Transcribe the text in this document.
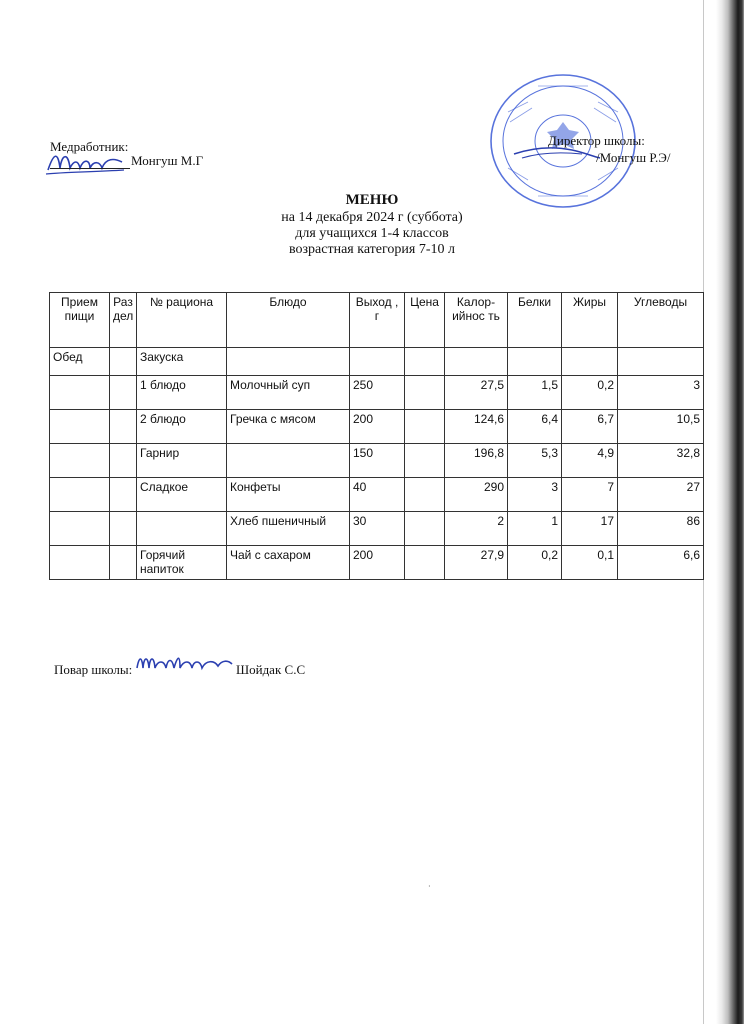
Медработник:
Монгуш М.Г
Директор школы:
/Монгуш Р.Э/
МЕНЮ
на 14 декабря 2024 г (суббота)
для учащихся 1-4 классов
возрастная категория 7-10 л
Прием пищи	Раз дел	№ рациона	Блюдо	Выход , г	Цена	Калор- ийнос ть	Белки	Жиры	Углеводы
Обед		Закуска							
		1 блюдо	Молочный суп	250		27,5	1,5	0,2	3
		2 блюдо	Гречка с мясом	200		124,6	6,4	6,7	10,5
		Гарнир		150		196,8	5,3	4,9	32,8
		Сладкое	Конфеты	40		290	3	7	27
			Хлеб пшеничный	30		2	1	17	86
		Горячий напиток	Чай с сахаром	200		27,9	0,2	0,1	6,6
Повар школы:	Шойдак С.С
·
